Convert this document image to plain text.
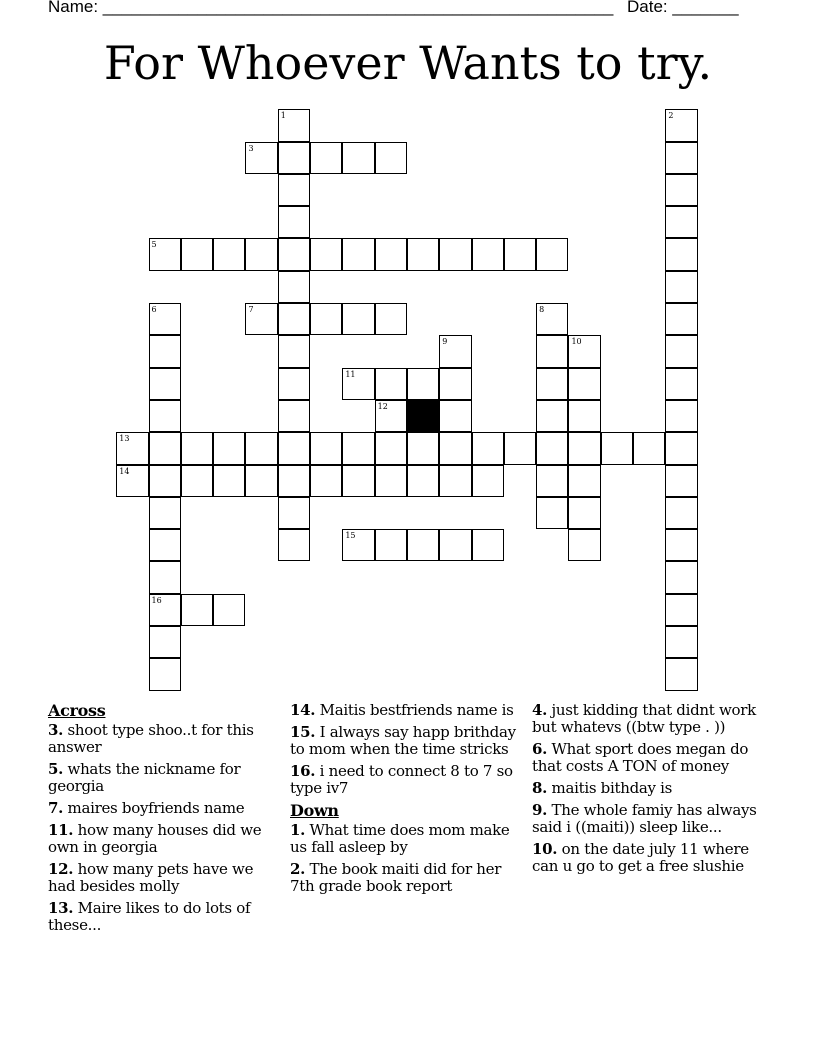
Name: ______________________________________________________ Date: _______
For Whoever Wants to try.
1	2
3
5
6
16
7	8
9	10
11
12
13
14
15
Across
3. shoot type shoo..t for this answer
5. whats the nickname for georgia
7. maires boyfriends name
11. how many houses did we own in georgia
12. how many pets have we had besides molly
13. Maire likes to do lots of these...
14. Maitis bestfriends name is
15. I always say happ brithday to mom when the time stricks
16. i need to connect 8 to 7 so type iv7
Down
1. What time does mom make us fall asleep by
2. The book maiti did for her 7th grade book report
4. just kidding that didnt work but whatevs ((btw type . ))
6. What sport does megan do that costs A TON of money
8. maitis bithday is
9. The whole famiy has always said i ((maiti)) sleep like...
10. on the date july 11 where can u go to get a free slushie
